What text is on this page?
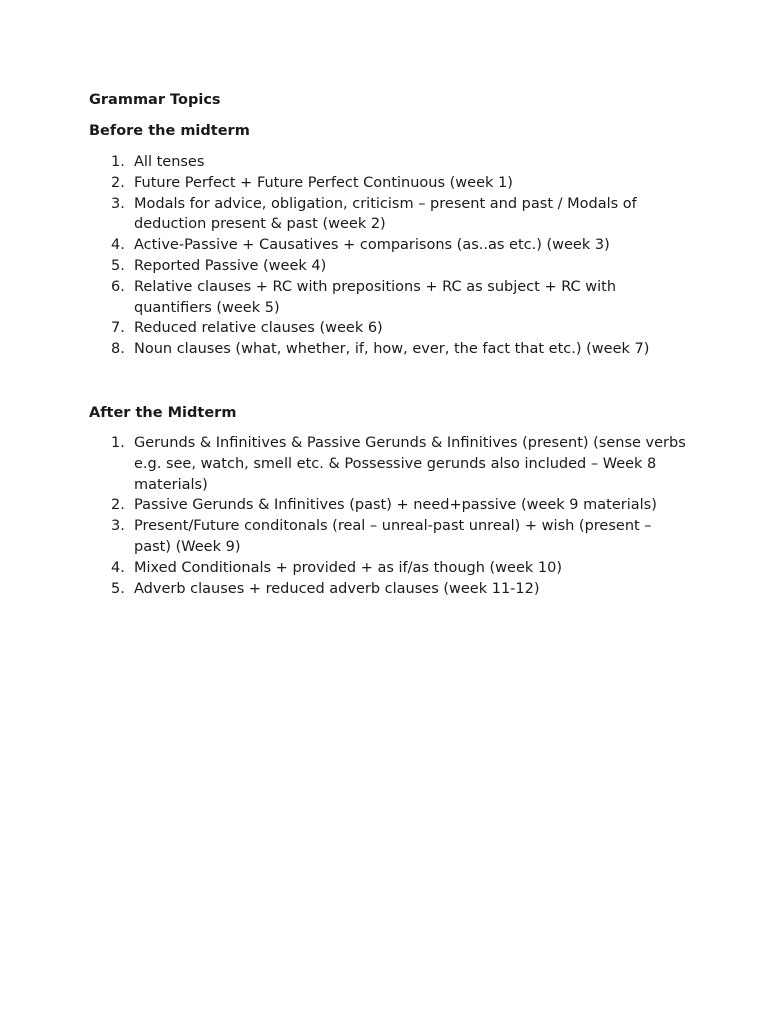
Grammar Topics
Before the midterm
1. All tenses
2. Future Perfect + Future Perfect Continuous (week 1)
3. Modals for advice, obligation, criticism – present and past / Modals of deduction present & past (week 2)
4. Active-Passive + Causatives + comparisons (as..as etc.) (week 3)
5. Reported Passive (week 4)
6. Relative clauses + RC with prepositions + RC as subject + RC with quantifiers (week 5)
7. Reduced relative clauses (week 6)
8. Noun clauses (what, whether, if, how, ever, the fact that etc.) (week 7)
After the Midterm
1. Gerunds & Infinitives & Passive Gerunds & Infinitives (present) (sense verbs e.g. see, watch, smell etc. & Possessive gerunds also included – Week 8 materials)
2. Passive Gerunds & Infinitives (past) + need+passive (week 9 materials)
3. Present/Future conditonals (real – unreal-past unreal) + wish (present – past) (Week 9)
4. Mixed Conditionals + provided + as if/as though (week 10)
5. Adverb clauses + reduced adverb clauses (week 11-12)
